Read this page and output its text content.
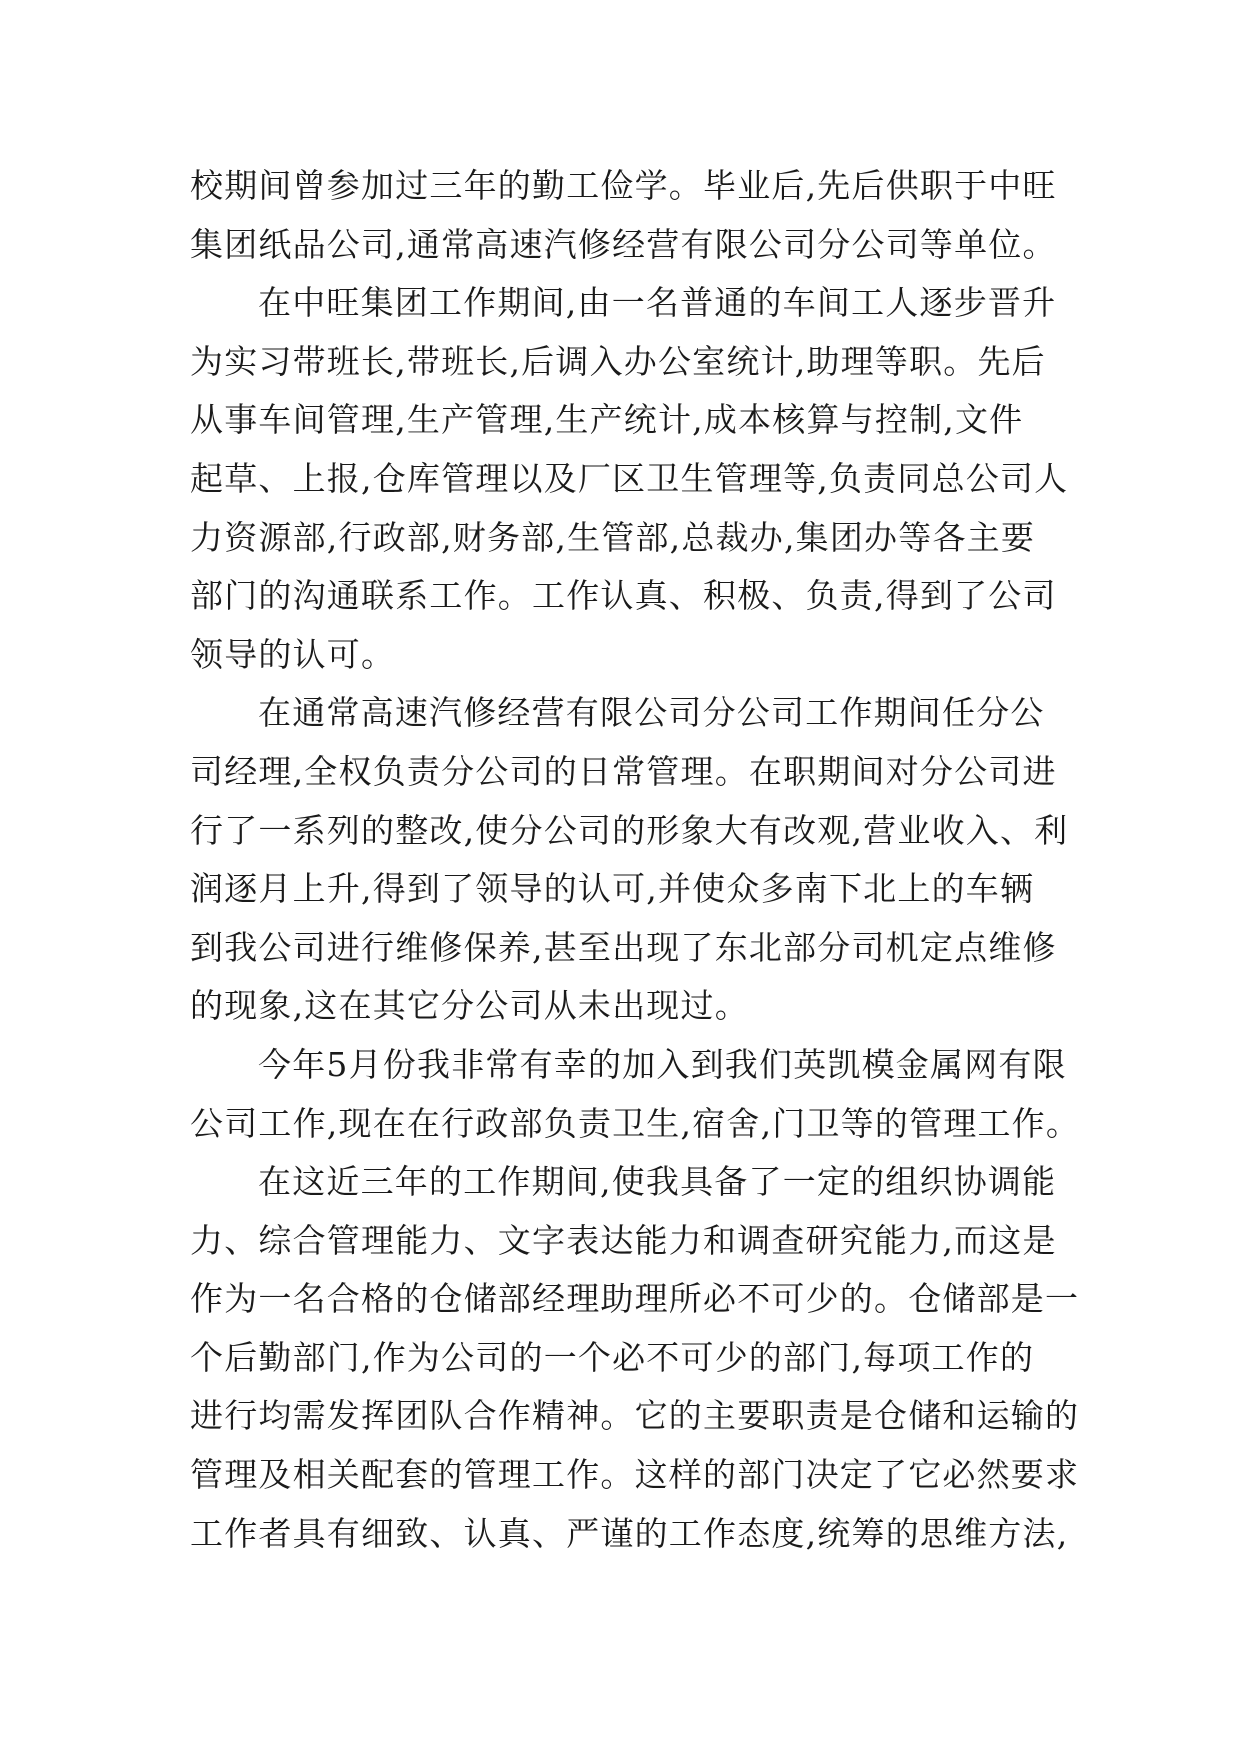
校期间曾参加过三年的勤工俭学。毕业后,先后供职于中旺
集团纸品公司,通常高速汽修经营有限公司分公司等单位。
在中旺集团工作期间,由一名普通的车间工人逐步晋升
为实习带班长,带班长,后调入办公室统计,助理等职。先后
从事车间管理,生产管理,生产统计,成本核算与控制,文件
起草、上报,仓库管理以及厂区卫生管理等,负责同总公司人
力资源部,行政部,财务部,生管部,总裁办,集团办等各主要
部门的沟通联系工作。工作认真、积极、负责,得到了公司
领导的认可。
在通常高速汽修经营有限公司分公司工作期间任分公
司经理,全权负责分公司的日常管理。在职期间对分公司进
行了一系列的整改,使分公司的形象大有改观,营业收入、利
润逐月上升,得到了领导的认可,并使众多南下北上的车辆
到我公司进行维修保养,甚至出现了东北部分司机定点维修
的现象,这在其它分公司从未出现过。
今年5月份我非常有幸的加入到我们英凯模金属网有限
公司工作,现在在行政部负责卫生,宿舍,门卫等的管理工作。
在这近三年的工作期间,使我具备了一定的组织协调能
力、综合管理能力、文字表达能力和调查研究能力,而这是
作为一名合格的仓储部经理助理所必不可少的。仓储部是一
个后勤部门,作为公司的一个必不可少的部门,每项工作的
进行均需发挥团队合作精神。它的主要职责是仓储和运输的
管理及相关配套的管理工作。这样的部门决定了它必然要求
工作者具有细致、认真、严谨的工作态度,统筹的思维方法,
